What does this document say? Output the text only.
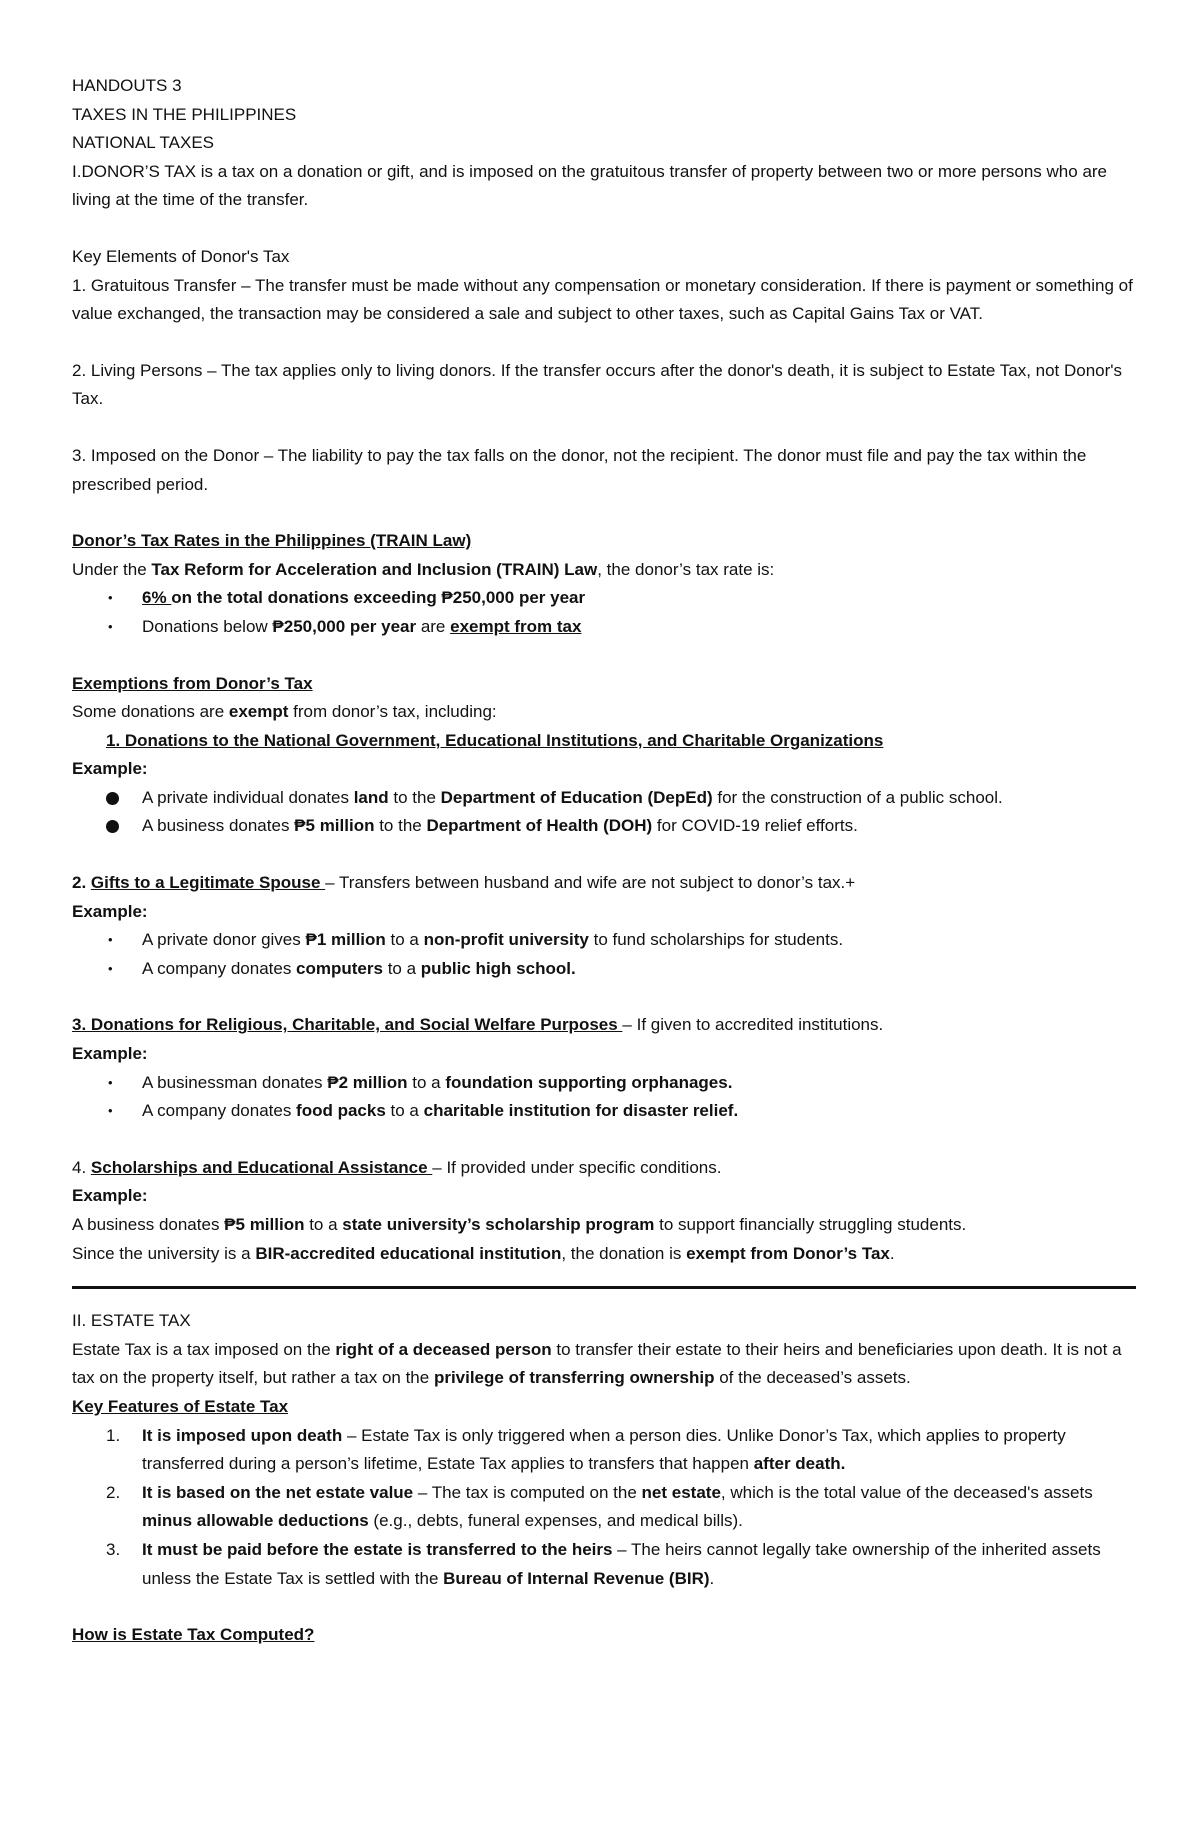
HANDOUTS 3

TAXES IN THE PHILIPPINES

NATIONAL TAXES

I.DONOR’S TAX is a tax on a donation or gift, and is imposed on the gratuitous transfer of property between two or more persons who are living at the time of the transfer.

Key Elements of Donor's Tax

1. Gratuitous Transfer – The transfer must be made without any compensation or monetary consideration. If there is payment or something of value exchanged, the transaction may be considered a sale and subject to other taxes, such as Capital Gains Tax or VAT.

2. Living Persons – The tax applies only to living donors. If the transfer occurs after the donor's death, it is subject to Estate Tax, not Donor's Tax.

3. Imposed on the Donor – The liability to pay the tax falls on the donor, not the recipient. The donor must file and pay the tax within the prescribed period.

Donor’s Tax Rates in the Philippines (TRAIN Law)

Under the Tax Reform for Acceleration and Inclusion (TRAIN) Law, the donor’s tax rate is:

•	6% on the total donations exceeding ₱250,000 per year
•	Donations below ₱250,000 per year are exempt from tax

Exemptions from Donor’s Tax

Some donations are exempt from donor’s tax, including:

1. Donations to the National Government, Educational Institutions, and Charitable Organizations

Example:

A private individual donates land to the Department of Education (DepEd) for the construction of a public school.
A business donates ₱5 million to the Department of Health (DOH) for COVID-19 relief efforts.

2. Gifts to a Legitimate Spouse – Transfers between husband and wife are not subject to donor’s tax.+

Example:

•	A private donor gives ₱1 million to a non-profit university to fund scholarships for students.
•	A company donates computers to a public high school.

3. Donations for Religious, Charitable, and Social Welfare Purposes – If given to accredited institutions.

Example:

•	A businessman donates ₱2 million to a foundation supporting orphanages.
•	A company donates food packs to a charitable institution for disaster relief.

4. Scholarships and Educational Assistance – If provided under specific conditions.

Example:

A business donates ₱5 million to a state university’s scholarship program to support financially struggling students.

Since the university is a BIR-accredited educational institution, the donation is exempt from Donor’s Tax.

II. ESTATE TAX

Estate Tax is a tax imposed on the right of a deceased person to transfer their estate to their heirs and beneficiaries upon death. It is not a tax on the property itself, but rather a tax on the privilege of transferring ownership of the deceased’s assets.

Key Features of Estate Tax

1. It is imposed upon death – Estate Tax is only triggered when a person dies. Unlike Donor’s Tax, which applies to property transferred during a person’s lifetime, Estate Tax applies to transfers that happen after death.
2. It is based on the net estate value – The tax is computed on the net estate, which is the total value of the deceased's assets minus allowable deductions (e.g., debts, funeral expenses, and medical bills).
3. It must be paid before the estate is transferred to the heirs – The heirs cannot legally take ownership of the inherited assets unless the Estate Tax is settled with the Bureau of Internal Revenue (BIR).

How is Estate Tax Computed?
